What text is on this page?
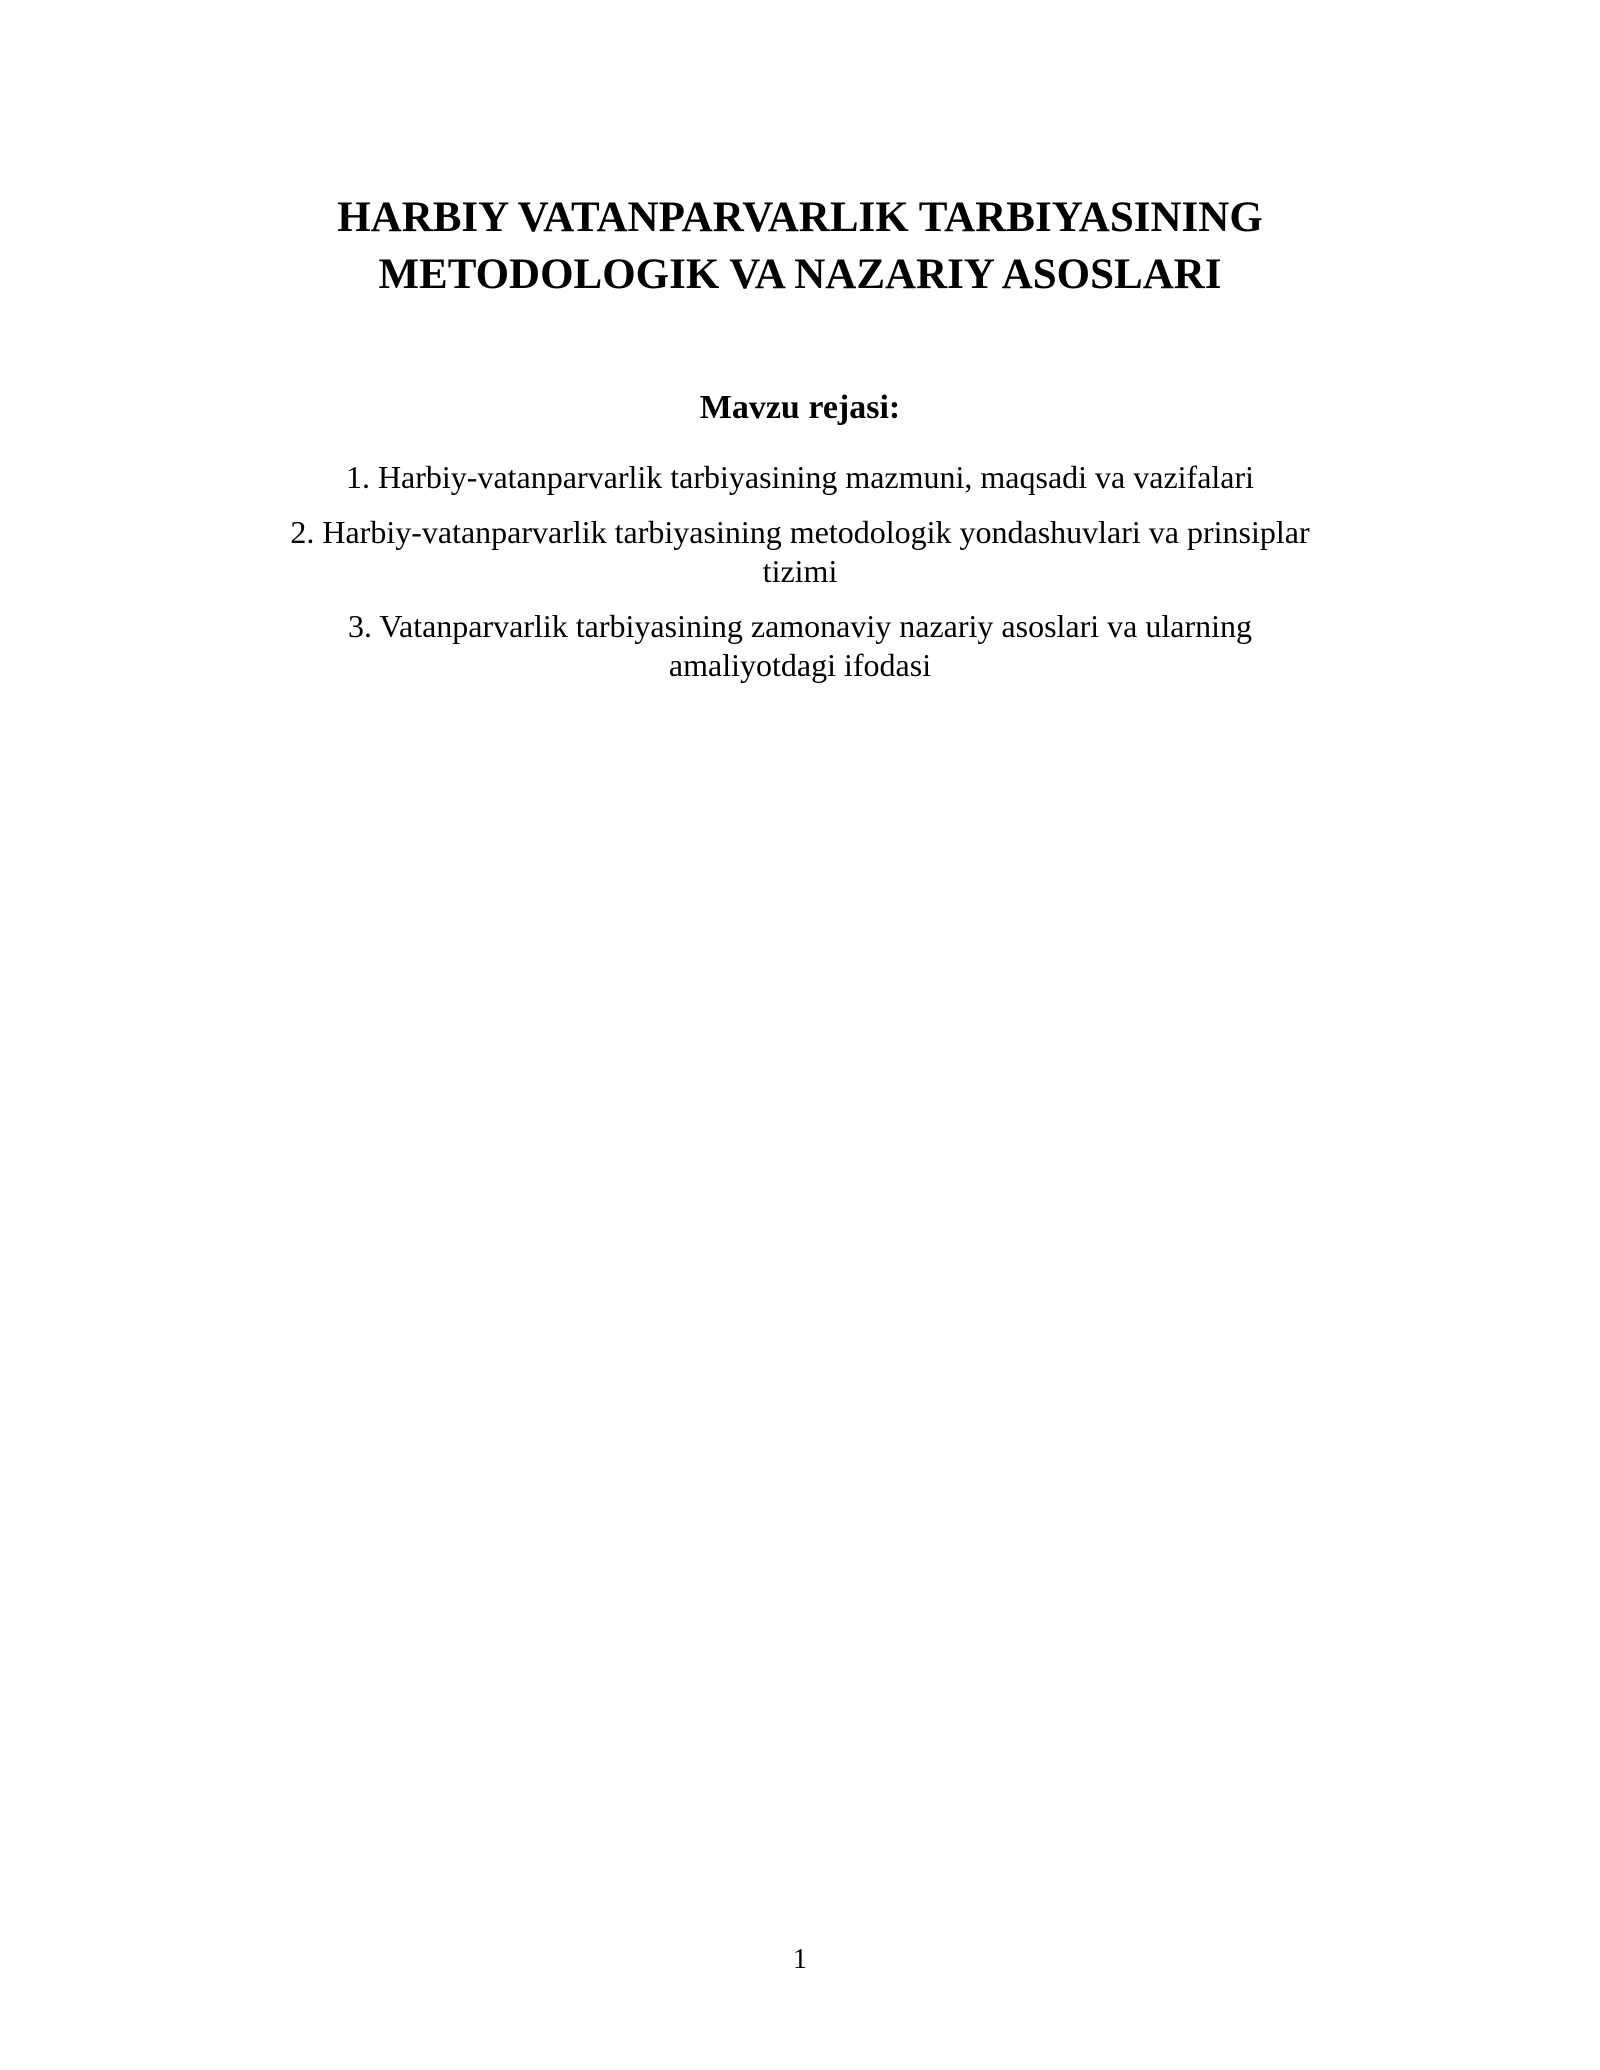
HARBIY VATANPARVARLIK TARBIYASINING
METODOLOGIK VA NAZARIY ASOSLARI
Mavzu rejasi:
1. Harbiy-vatanparvarlik tarbiyasining mazmuni, maqsadi va vazifalari
2. Harbiy-vatanparvarlik tarbiyasining metodologik yondashuvlari va prinsiplar
tizimi
3. Vatanparvarlik tarbiyasining zamonaviy nazariy asoslari va ularning
amaliyotdagi ifodasi
1
